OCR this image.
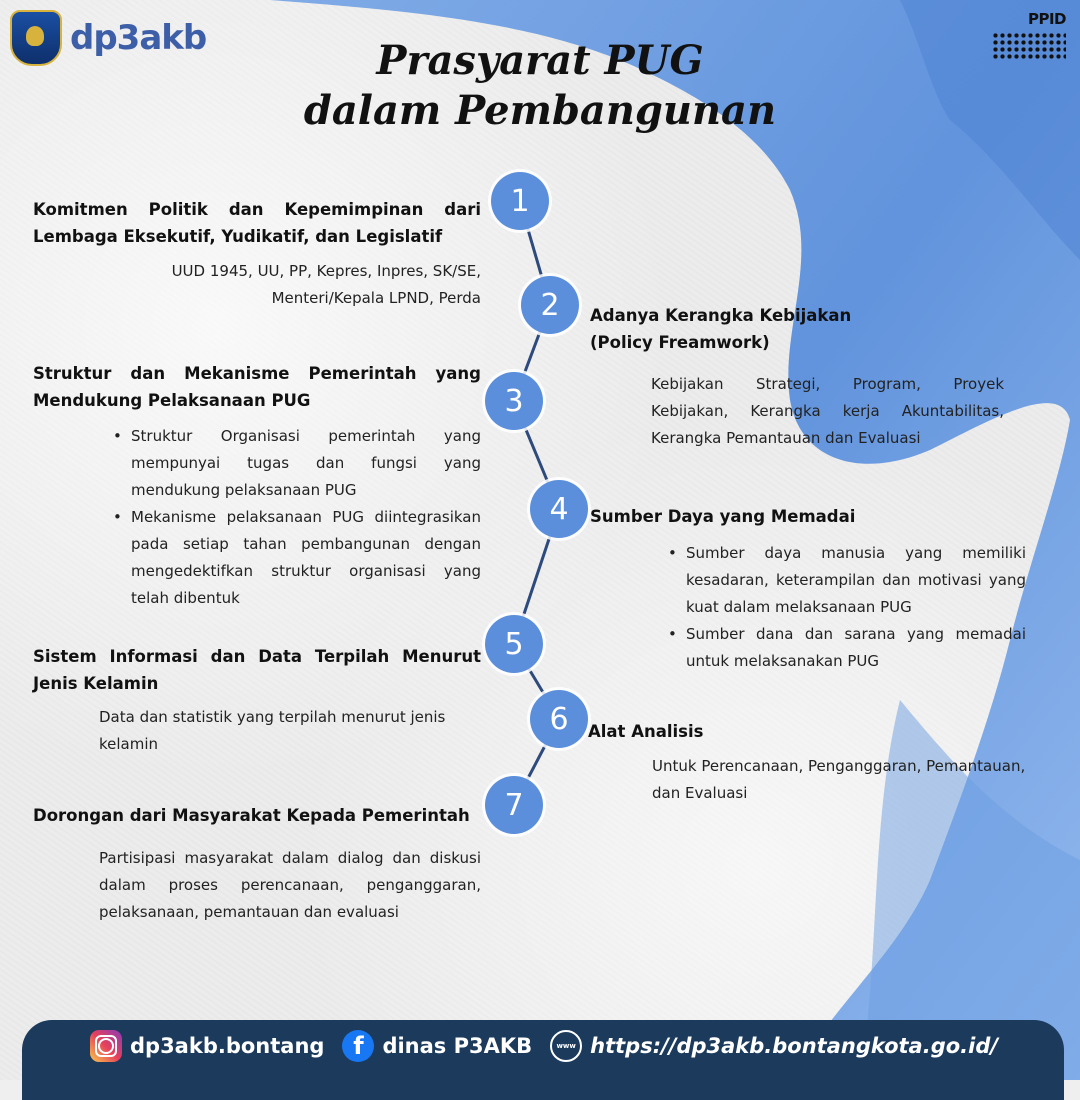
dp3akb	PPID
Prasyarat PUG
dalam Pembangunan
1
2
3
4
5
6
7
Komitmen Politik dan Kepemimpinan dari
Lembaga Eksekutif, Yudikatif, dan Legislatif
UUD 1945, UU, PP, Kepres, Inpres, SK/SE,
Menteri/Kepala LPND, Perda
Adanya Kerangka Kebijakan
(Policy Freamwork)
Kebijakan Strategi, Program, Proyek
Kebijakan, Kerangka kerja Akuntabilitas,
Kerangka Pemantauan dan Evaluasi
Struktur dan Mekanisme Pemerintah yang
Mendukung Pelaksanaan PUG
• Struktur Organisasi pemerintah yang mempunyai tugas dan fungsi yang mendukung pelaksanaan PUG
• Mekanisme pelaksanaan PUG diintegrasikan pada setiap tahan pembangunan dengan mengedektifkan struktur organisasi yang telah dibentuk
Sumber Daya yang Memadai
• Sumber daya manusia yang memiliki kesadaran, keterampilan dan motivasi yang kuat dalam melaksanaan PUG
• Sumber dana dan sarana yang memadai untuk melaksanakan PUG
Sistem Informasi dan Data Terpilah Menurut
Jenis Kelamin
Data dan statistik yang terpilah menurut jenis
kelamin
Alat Analisis
Untuk Perencanaan, Penganggaran, Pemantauan,
dan Evaluasi
Dorongan dari Masyarakat Kepada Pemerintah
Partisipasi masyarakat dalam dialog dan diskusi
dalam proses perencanaan, penganggaran,
pelaksanaan, pemantauan dan evaluasi
dp3akb.bontang	f dinas P3AKB	www https://dp3akb.bontangkota.go.id/
